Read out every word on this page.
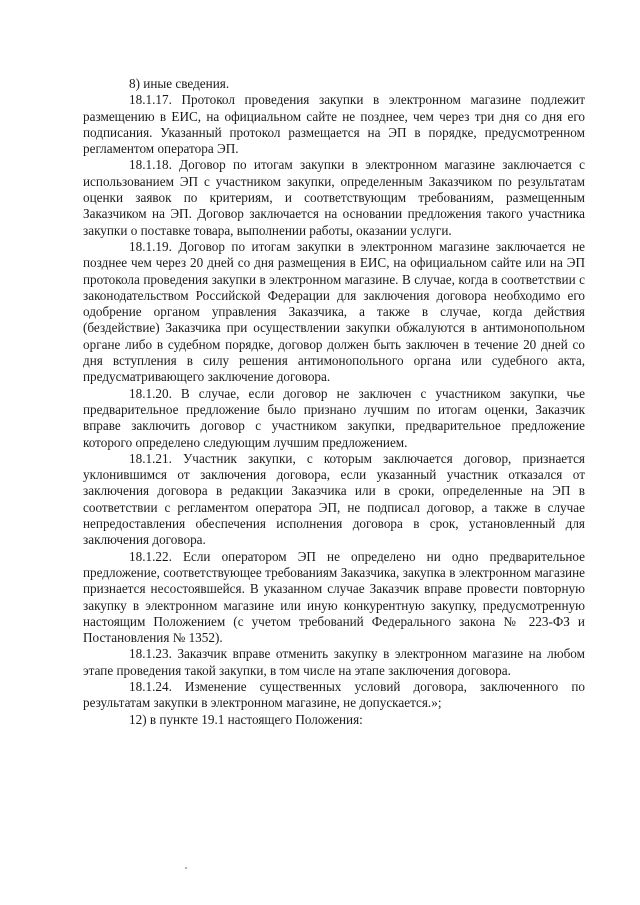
8) иные сведения.

18.1.17. Протокол проведения закупки в электронном магазине подлежит размещению в ЕИС, на официальном сайте не позднее, чем через три дня со дня его подписания. Указанный протокол размещается на ЭП в порядке, предусмотренном регламентом оператора ЭП.

18.1.18. Договор по итогам закупки в электронном магазине заключается с использованием ЭП с участником закупки, определенным Заказчиком по результатам оценки заявок по критериям, и соответствующим требованиям, размещенным Заказчиком на ЭП. Договор заключается на основании предложения такого участника закупки о поставке товара, выполнении работы, оказании услуги.

18.1.19. Договор по итогам закупки в электронном магазине заключается не позднее чем через 20 дней со дня размещения в ЕИС, на официальном сайте или на ЭП протокола проведения закупки в электронном магазине. В случае, когда в соответствии с законодательством Российской Федерации для заключения договора необходимо его одобрение органом управления Заказчика, а также в случае, когда действия (бездействие) Заказчика при осуществлении закупки обжалуются в антимонопольном органе либо в судебном порядке, договор должен быть заключен в течение 20 дней со дня вступления в силу решения антимонопольного органа или судебного акта, предусматривающего заключение договора.

18.1.20. В случае, если договор не заключен с участником закупки, чье предварительное предложение было признано лучшим по итогам оценки, Заказчик вправе заключить договор с участником закупки, предварительное предложение которого определено следующим лучшим предложением.

18.1.21. Участник закупки, с которым заключается договор, признается уклонившимся от заключения договора, если указанный участник отказался от заключения договора в редакции Заказчика или в сроки, определенные на ЭП в соответствии с регламентом оператора ЭП, не подписал договор, а также в случае непредоставления обеспечения исполнения договора в срок, установленный для заключения договора.

18.1.22. Если оператором ЭП не определено ни одно предварительное предложение, соответствующее требованиям Заказчика, закупка в электронном магазине признается несостоявшейся. В указанном случае Заказчик вправе провести повторную закупку в электронном магазине или иную конкурентную закупку, предусмотренную настоящим Положением (с учетом требований Федерального закона № 223-ФЗ и Постановления № 1352).

18.1.23. Заказчик вправе отменить закупку в электронном магазине на любом этапе проведения такой закупки, в том числе на этапе заключения договора.

18.1.24. Изменение существенных условий договора, заключенного по результатам закупки в электронном магазине, не допускается.»;

12) в пункте 19.1 настоящего Положения:
